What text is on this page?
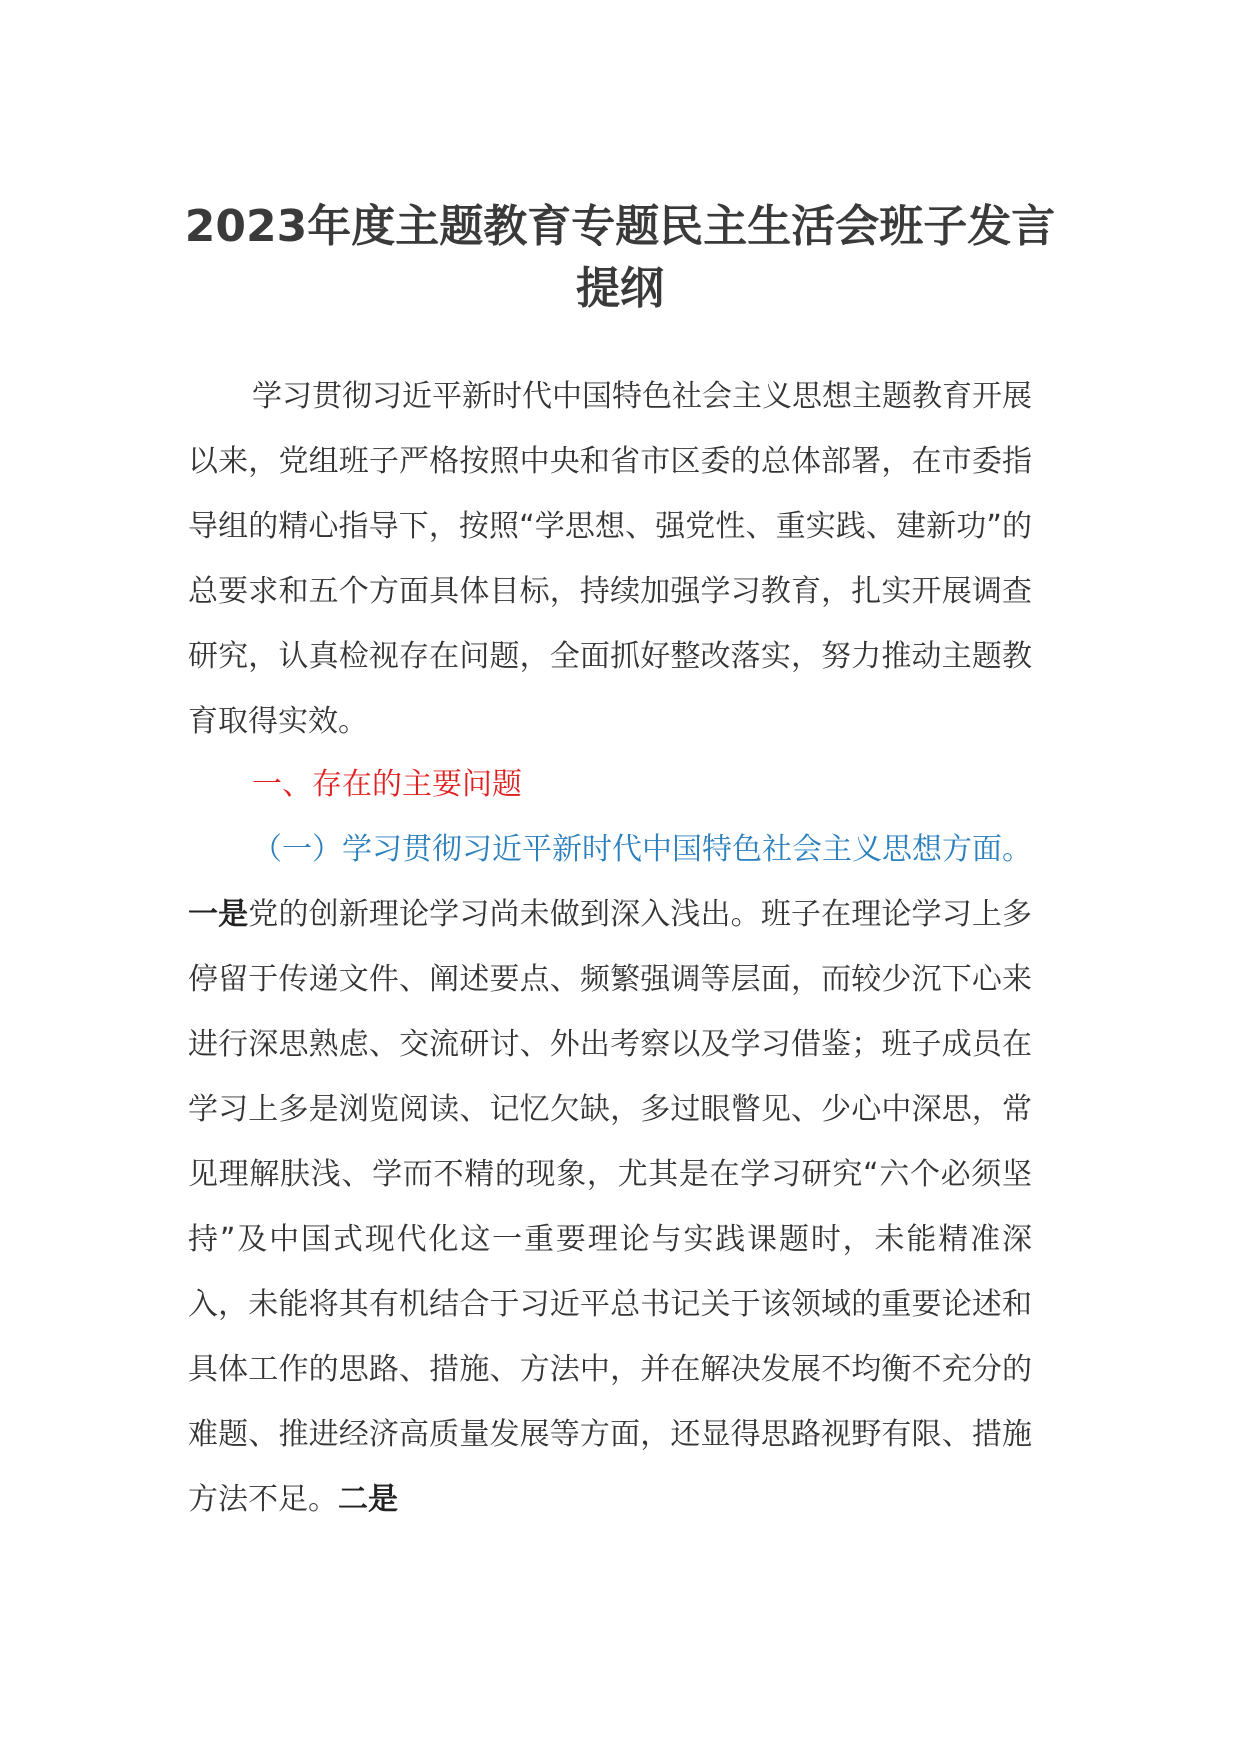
2023年度主题教育专题民主生活会班子发言提纲

学习贯彻习近平新时代中国特色社会主义思想主题教育开展以来，党组班子严格按照中央和省市区委的总体部署，在市委指导组的精心指导下，按照“学思想、强党性、重实践、建新功”的总要求和五个方面具体目标，持续加强学习教育，扎实开展调查研究，认真检视存在问题，全面抓好整改落实，努力推动主题教育取得实效。

一、存在的主要问题

（一）学习贯彻习近平新时代中国特色社会主义思想方面。一是党的创新理论学习尚未做到深入浅出。班子在理论学习上多停留于传递文件、阐述要点、频繁强调等层面，而较少沉下心来进行深思熟虑、交流研讨、外出考察以及学习借鉴；班子成员在学习上多是浏览阅读、记忆欠缺，多过眼瞥见、少心中深思，常见理解肤浅、学而不精的现象，尤其是在学习研究“六个必须坚持”及中国式现代化这一重要理论与实践课题时，未能精准深入，未能将其有机结合于习近平总书记关于该领域的重要论述和具体工作的思路、措施、方法中，并在解决发展不均衡不充分的难题、推进经济高质量发展等方面，还显得思路视野有限、措施方法不足。二是
